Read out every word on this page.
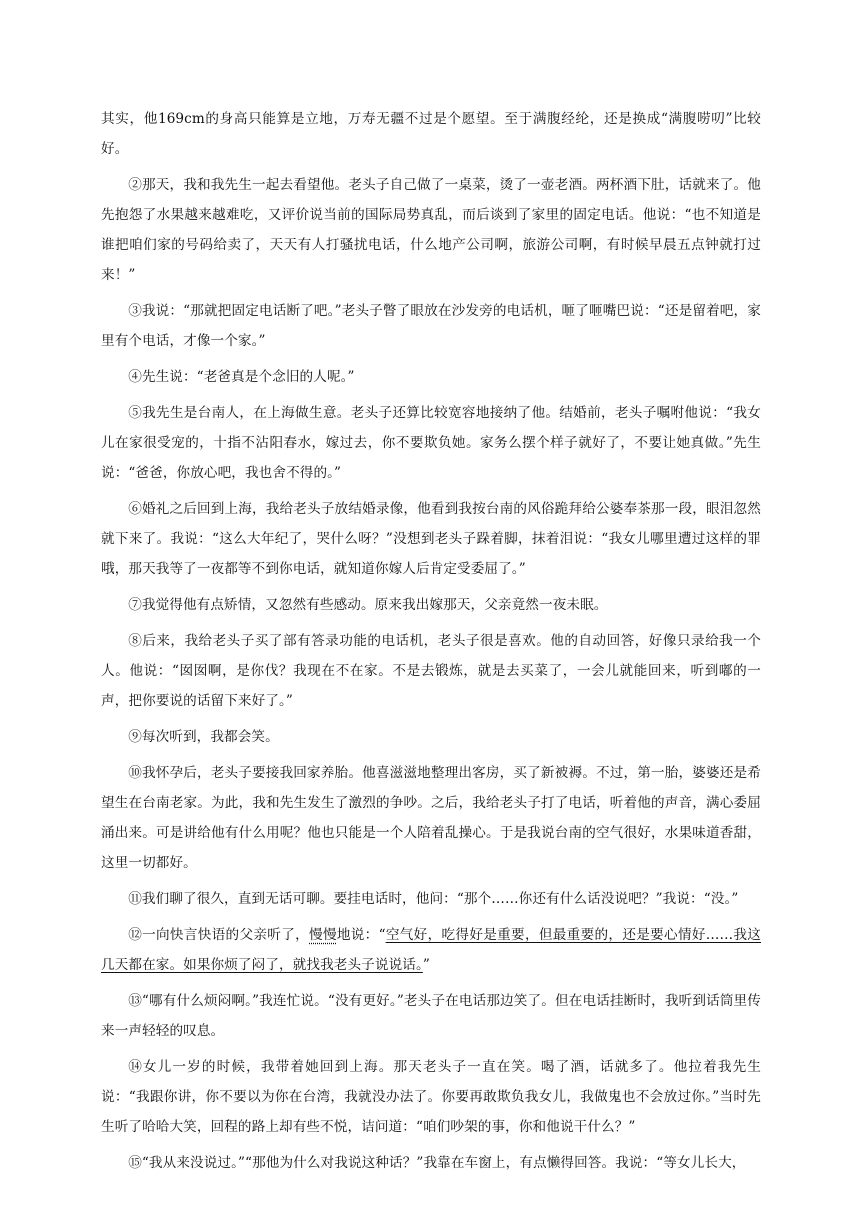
其实，他169cm的身高只能算是立地，万寿无疆不过是个愿望。至于满腹经纶，还是换成“满腹唠叨”比较好。

②那天，我和我先生一起去看望他。老头子自己做了一桌菜，烫了一壶老酒。两杯酒下肚，话就来了。他先抱怨了水果越来越难吃，又评价说当前的国际局势真乱，而后谈到了家里的固定电话。他说：“也不知道是谁把咱们家的号码给卖了，天天有人打骚扰电话，什么地产公司啊，旅游公司啊，有时候早晨五点钟就打过来！”

③我说：“那就把固定电话断了吧。”老头子瞥了眼放在沙发旁的电话机，咂了咂嘴巴说：“还是留着吧，家里有个电话，才像一个家。”

④先生说：“老爸真是个念旧的人呢。”

⑤我先生是台南人，在上海做生意。老头子还算比较宽容地接纳了他。结婚前，老头子嘱咐他说：“我女儿在家很受宠的，十指不沾阳春水，嫁过去，你不要欺负她。家务么摆个样子就好了，不要让她真做。”先生说：“爸爸，你放心吧，我也舍不得的。”

⑥婚礼之后回到上海，我给老头子放结婚录像，他看到我按台南的风俗跪拜给公婆奉茶那一段，眼泪忽然就下来了。我说：“这么大年纪了，哭什么呀？”没想到老头子跺着脚，抹着泪说：“我女儿哪里遭过这样的罪哦，那天我等了一夜都等不到你电话，就知道你嫁人后肯定受委屈了。”

⑦我觉得他有点矫情，又忽然有些感动。原来我出嫁那天，父亲竟然一夜未眠。

⑧后来，我给老头子买了部有答录功能的电话机，老头子很是喜欢。他的自动回答，好像只录给我一个人。他说：“囡囡啊，是你伐？我现在不在家。不是去锻炼，就是去买菜了，一会儿就能回来，听到嘟的一声，把你要说的话留下来好了。”

⑨每次听到，我都会笑。

⑩我怀孕后，老头子要接我回家养胎。他喜滋滋地整理出客房，买了新被褥。不过，第一胎，婆婆还是希望生在台南老家。为此，我和先生发生了激烈的争吵。之后，我给老头子打了电话，听着他的声音，满心委屈涌出来。可是讲给他有什么用呢？他也只能是一个人陪着乱操心。于是我说台南的空气很好，水果味道香甜，这里一切都好。

⑪我们聊了很久，直到无话可聊。要挂电话时，他问：“那个……你还有什么话没说吧？”我说：“没。”

⑫一向快言快语的父亲听了，慢慢地说：“空气好，吃得好是重要，但最重要的，还是要心情好……我这几天都在家。如果你烦了闷了，就找我老头子说说话。”

⑬“哪有什么烦闷啊。”我连忙说。“没有更好。”老头子在电话那边笑了。但在电话挂断时，我听到话筒里传来一声轻轻的叹息。

⑭女儿一岁的时候，我带着她回到上海。那天老头子一直在笑。喝了酒，话就多了。他拉着我先生说：“我跟你讲，你不要以为你在台湾，我就没办法了。你要再敢欺负我女儿，我做鬼也不会放过你。”当时先生听了哈哈大笑，回程的路上却有些不悦，诘问道：“咱们吵架的事，你和他说干什么？”

⑮“我从来没说过。”“那他为什么对我说这种话？”我靠在车窗上，有点懒得回答。我说：“等女儿长大，
